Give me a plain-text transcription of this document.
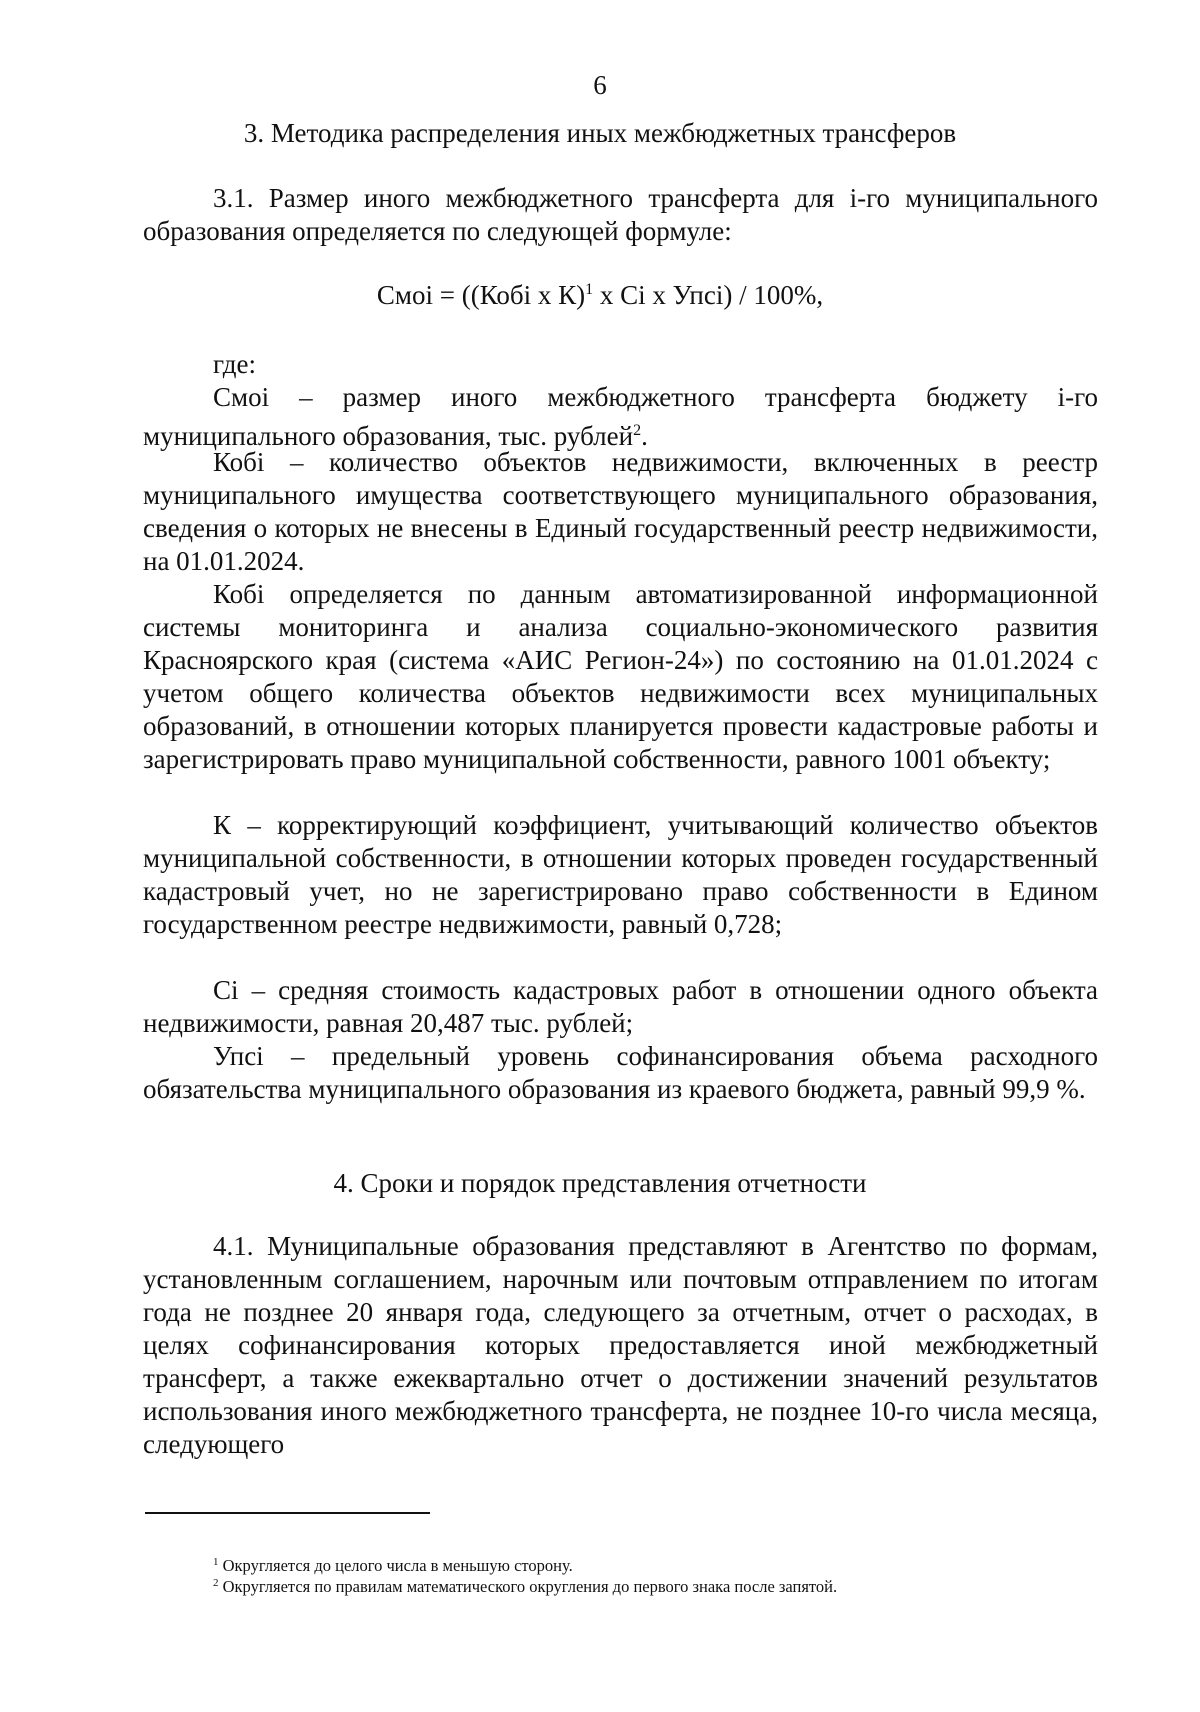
6
3. Методика распределения иных межбюджетных трансферов

3.1. Размер иного межбюджетного трансферта для i-го муниципального образования определяется по следующей формуле:

Смоi = ((Кобi х К)$^1$ х Сi х Упсi) / 100%,

где:

Смоi – размер иного межбюджетного трансферта бюджету i-го муниципального образования, тыс. рублей$^2$.

Кобi – количество объектов недвижимости, включенных в реестр муниципального имущества соответствующего муниципального образования, сведения о которых не внесены в Единый государственный реестр недвижимости, на 01.01.2024.

Кобi определяется по данным автоматизированной информационной системы мониторинга и анализа социально-экономического развития Красноярского края (система «АИС Регион-24») по состоянию на 01.01.2024 с учетом общего количества объектов недвижимости всех муниципальных образований, в отношении которых планируется провести кадастровые работы и зарегистрировать право муниципальной собственности, равного 1001 объекту;

К – корректирующий коэффициент, учитывающий количество объектов муниципальной собственности, в отношении которых проведен государственный кадастровый учет, но не зарегистрировано право собственности в Едином государственном реестре недвижимости, равный 0,728;

Сi – средняя стоимость кадастровых работ в отношении одного объекта недвижимости, равная 20,487 тыс. рублей;

Упсi – предельный уровень софинансирования объема расходного обязательства муниципального образования из краевого бюджета, равный 99,9 %.

4. Сроки и порядок представления отчетности

4.1. Муниципальные образования представляют в Агентство по формам, установленным соглашением, нарочным или почтовым отправлением по итогам года не позднее 20 января года, следующего за отчетным, отчет о расходах, в целях софинансирования которых предоставляется иной межбюджетный трансферт, а также ежеквартально отчет о достижении значений результатов использования иного межбюджетного трансферта, не позднее 10-го числа месяца, следующего

$^1$ Округляется до целого числа в меньшую сторону.
$^2$ Округляется по правилам математического округления до первого знака после запятой.
